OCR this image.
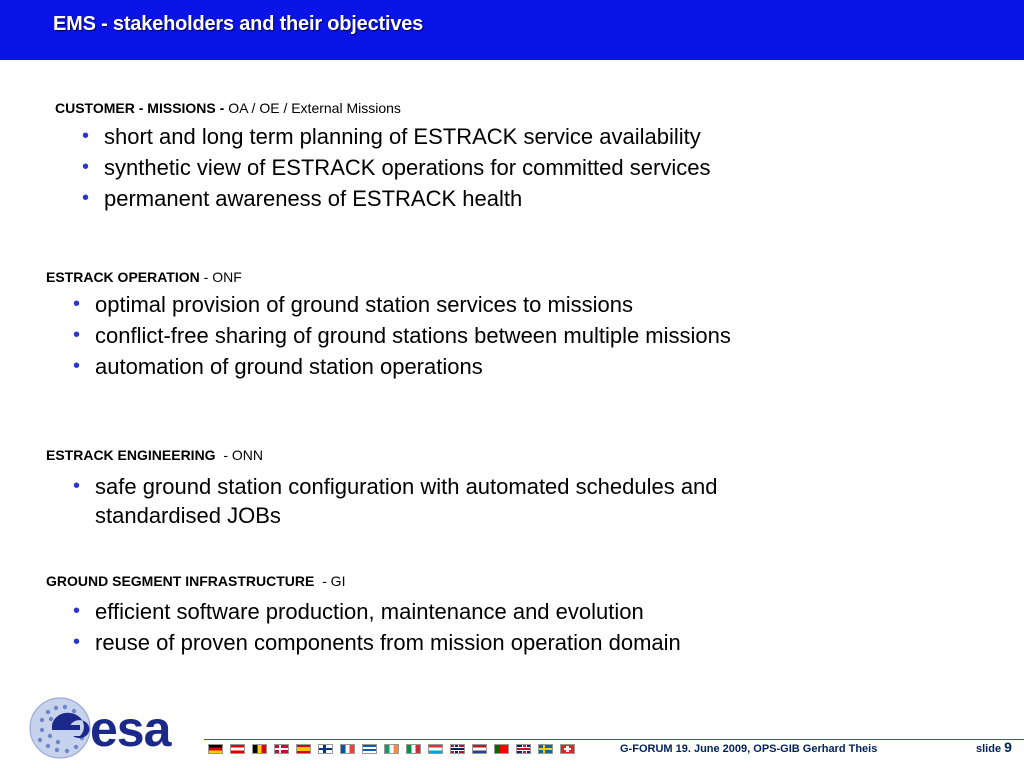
EMS - stakeholders and their objectives
CUSTOMER - MISSIONS - OA / OE / External Missions
• short and long term planning of ESTRACK service availability
• synthetic view of ESTRACK operations for committed services
• permanent awareness of ESTRACK health
ESTRACK OPERATION - ONF
• optimal provision of ground station services to missions
• conflict-free sharing of ground stations between multiple missions
• automation of ground station operations
ESTRACK ENGINEERING  - ONN
• safe ground station configuration with automated schedules and standardised JOBs
GROUND SEGMENT INFRASTRUCTURE  - GI
• efficient software production, maintenance and evolution
• reuse of proven components from mission operation domain
esa	G-FORUM 19. June 2009, OPS-GIB Gerhard Theis	slide 9
